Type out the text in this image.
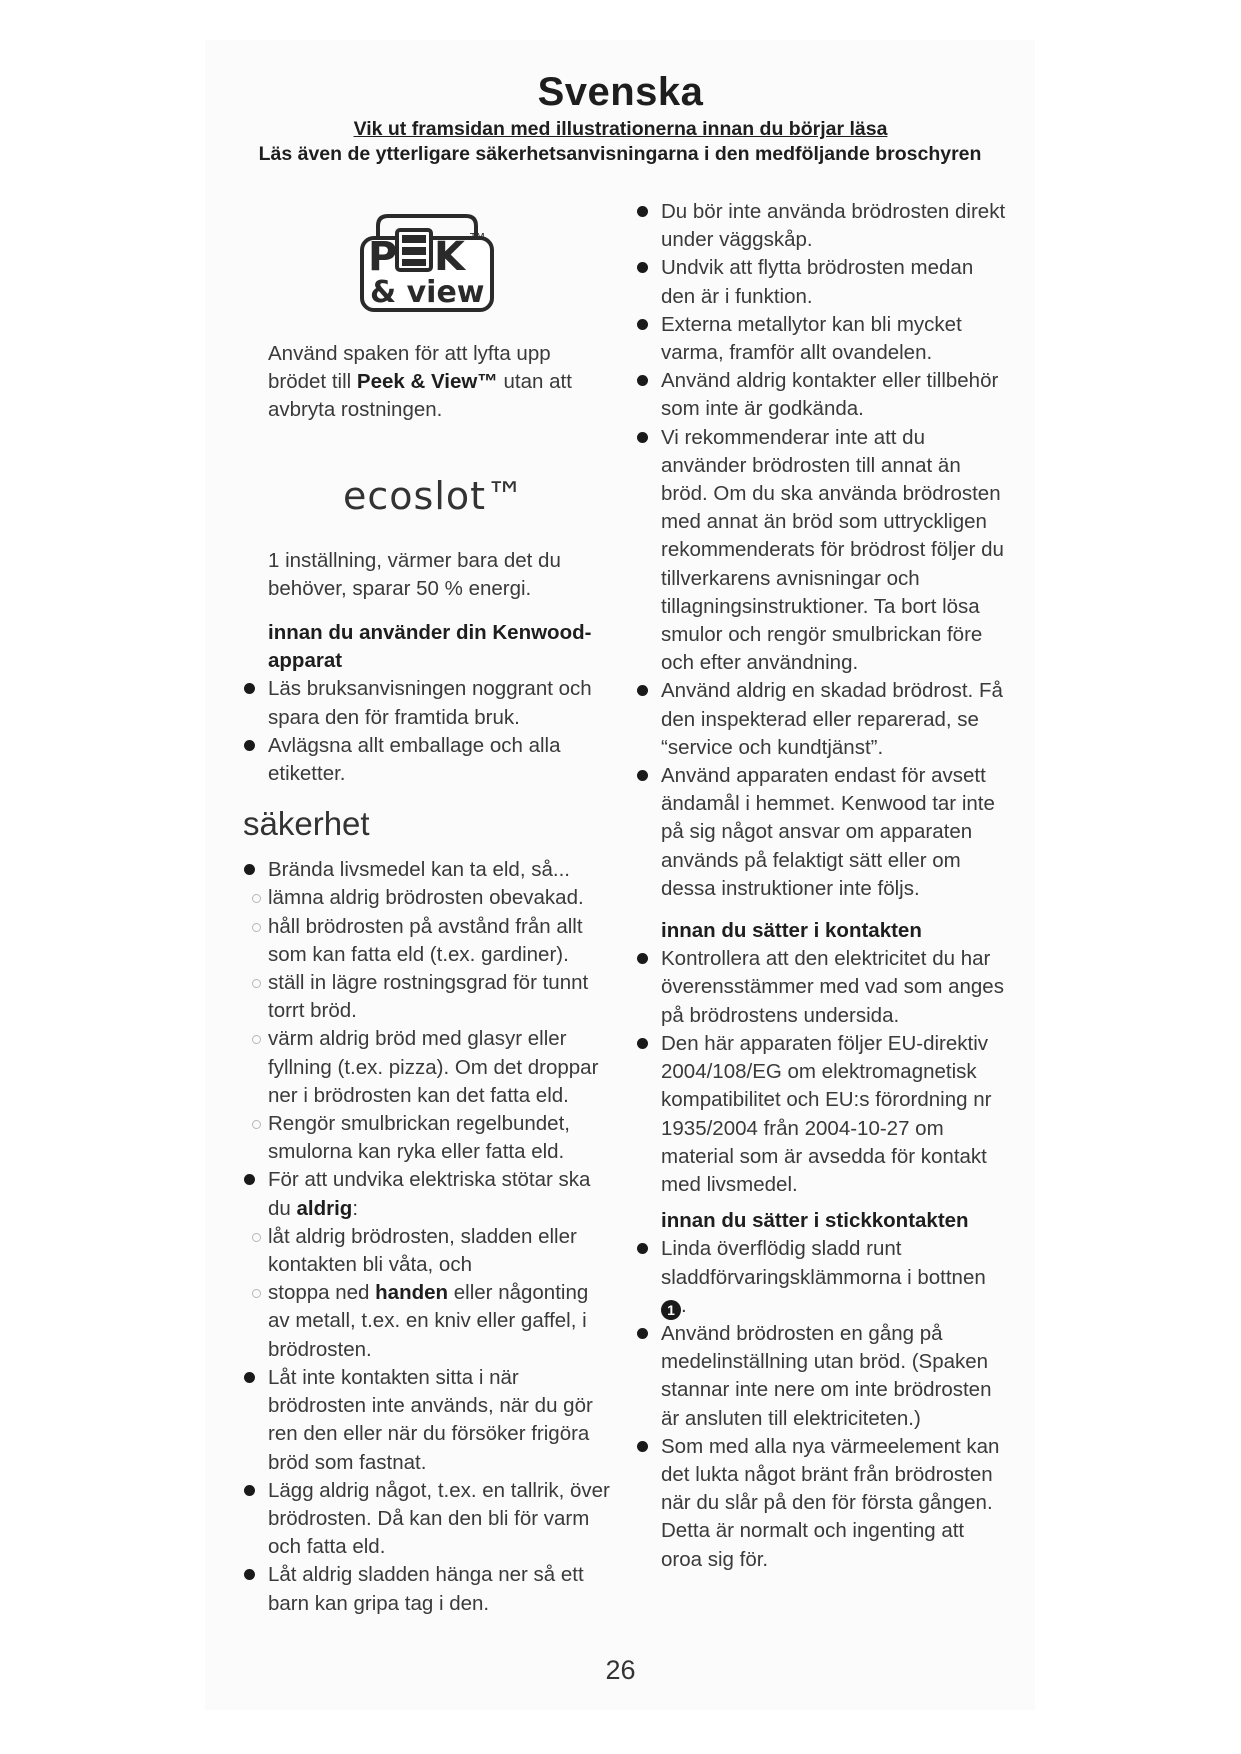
Svenska
Vik ut framsidan med illustrationerna innan du börjar läsa
Läs även de ytterligare säkerhetsanvisningarna i den medföljande broschyren
P K TM
& view
ecoslot™

Använd spaken för att lyfta upp brödet till Peek & View™ utan att avbryta rostningen.

1 inställning, värmer bara det du behöver, sparar 50 % energi.

innan du använder din Kenwood-apparat

Läs bruksanvisningen noggrant och spara den för framtida bruk.
Avlägsna allt emballage och alla etiketter.
säkerhet
Brända livsmedel kan ta eld, så...
lämna aldrig brödrosten obevakad.
håll brödrosten på avstånd från allt som kan fatta eld (t.ex. gardiner).
ställ in lägre rostningsgrad för tunnt torrt bröd.
värm aldrig bröd med glasyr eller fyllning (t.ex. pizza). Om det droppar ner i brödrosten kan det fatta eld.
Rengör smulbrickan regelbundet, smulorna kan ryka eller fatta eld.
För att undvika elektriska stötar ska du aldrig:
låt aldrig brödrosten, sladden eller kontakten bli våta, och
stoppa ned handen eller någonting av metall, t.ex. en kniv eller gaffel, i brödrosten.
Låt inte kontakten sitta i när brödrosten inte används, när du gör ren den eller när du försöker frigöra bröd som fastnat.
Lägg aldrig något, t.ex. en tallrik, över brödrosten. Då kan den bli för varm och fatta eld.
Låt aldrig sladden hänga ner så ett barn kan gripa tag i den.
Du bör inte använda brödrosten direkt under väggskåp.
Undvik att flytta brödrosten medan den är i funktion.
Externa metallytor kan bli mycket varma, framför allt ovandelen.
Använd aldrig kontakter eller tillbehör som inte är godkända.
Vi rekommenderar inte att du använder brödrosten till annat än bröd. Om du ska använda brödrosten med annat än bröd som uttryckligen rekommenderats för brödrost följer du tillverkarens avnisningar och tillagningsinstruktioner. Ta bort lösa smulor och rengör smulbrickan före och efter användning.
Använd aldrig en skadad brödrost. Få den inspekterad eller reparerad, se “service och kundtjänst”.
Använd apparaten endast för avsett ändamål i hemmet. Kenwood tar inte på sig något ansvar om apparaten används på felaktigt sätt eller om dessa instruktioner inte följs.

innan du sätter i kontakten

Kontrollera att den elektricitet du har överensstämmer med vad som anges på brödrostens undersida.
Den här apparaten följer EU-direktiv 2004/108/EG om elektromagnetisk kompatibilitet och EU:s förordning nr 1935/2004 från 2004-10-27 om material som är avsedda för kontakt med livsmedel.

innan du sätter i stickkontakten

Linda överflödig sladd runt sladdförvaringsklämmorna i bottnen 1 .
Använd brödrosten en gång på medelinställning utan bröd. (Spaken stannar inte nere om inte brödrosten är ansluten till elektriciteten.)
Som med alla nya värmeelement kan det lukta något bränt från brödrosten när du slår på den för första gången. Detta är normalt och ingenting att oroa sig för.
26
